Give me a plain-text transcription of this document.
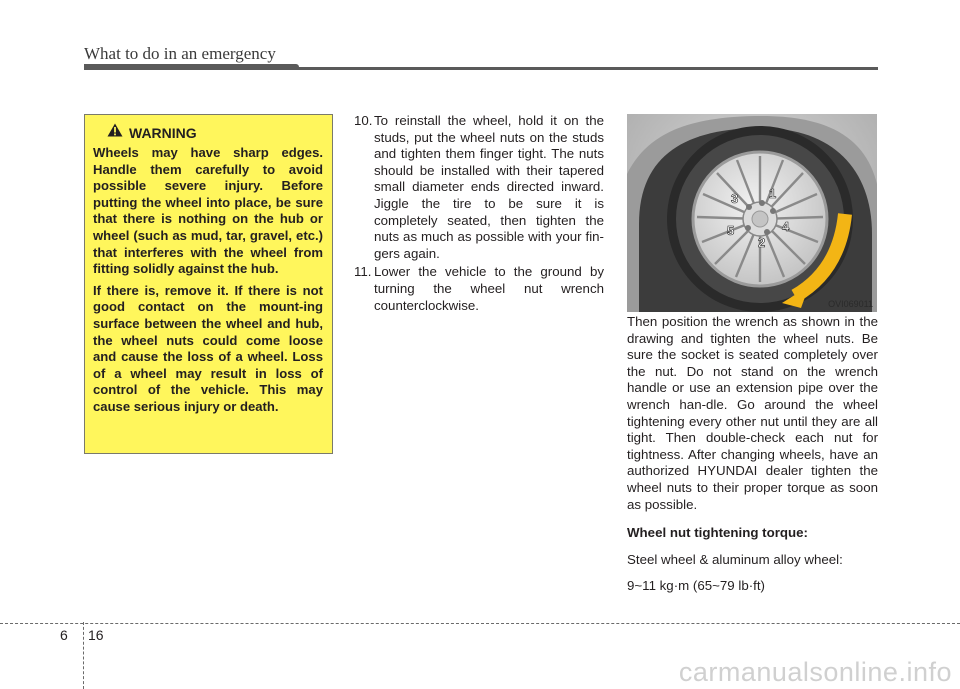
What to do in an emergency
WARNING

Wheels may have sharp edges. Handle them carefully to avoid possible severe injury. Before putting the wheel into place, be sure that there is nothing on the hub or wheel (such as mud, tar, gravel, etc.) that interferes with the wheel from fitting solidly against the hub.

If there is, remove it. If there is not good contact on the mount-ing surface between the wheel and hub, the wheel nuts could come loose and cause the loss of a wheel. Loss of a wheel may result in loss of control of the vehicle. This may cause serious injury or death.

10. To reinstall the wheel, hold it on the studs, put the wheel nuts on the studs and tighten them finger tight. The nuts should be installed with their tapered small diameter ends directed inward. Jiggle the tire to be sure it is completely seated, then tighten the nuts as much as possible with your fin-gers again.
11. Lower the vehicle to the ground by turning the wheel nut wrench counterclockwise.
1
2
3
4
5
OVI069011

Then position the wrench as shown in the drawing and tighten the wheel nuts. Be sure the socket is seated completely over the nut. Do not stand on the wrench handle or use an extension pipe over the wrench han-dle. Go around the wheel tightening every other nut until they are all tight. Then double-check each nut for tightness. After changing wheels, have an authorized HYUNDAI dealer tighten the wheel nuts to their proper torque as soon as possible.

Wheel nut tightening torque:
Steel wheel & aluminum alloy wheel:
9~11 kg·m (65~79 lb·ft)
6 16
carmanualsonline.info
